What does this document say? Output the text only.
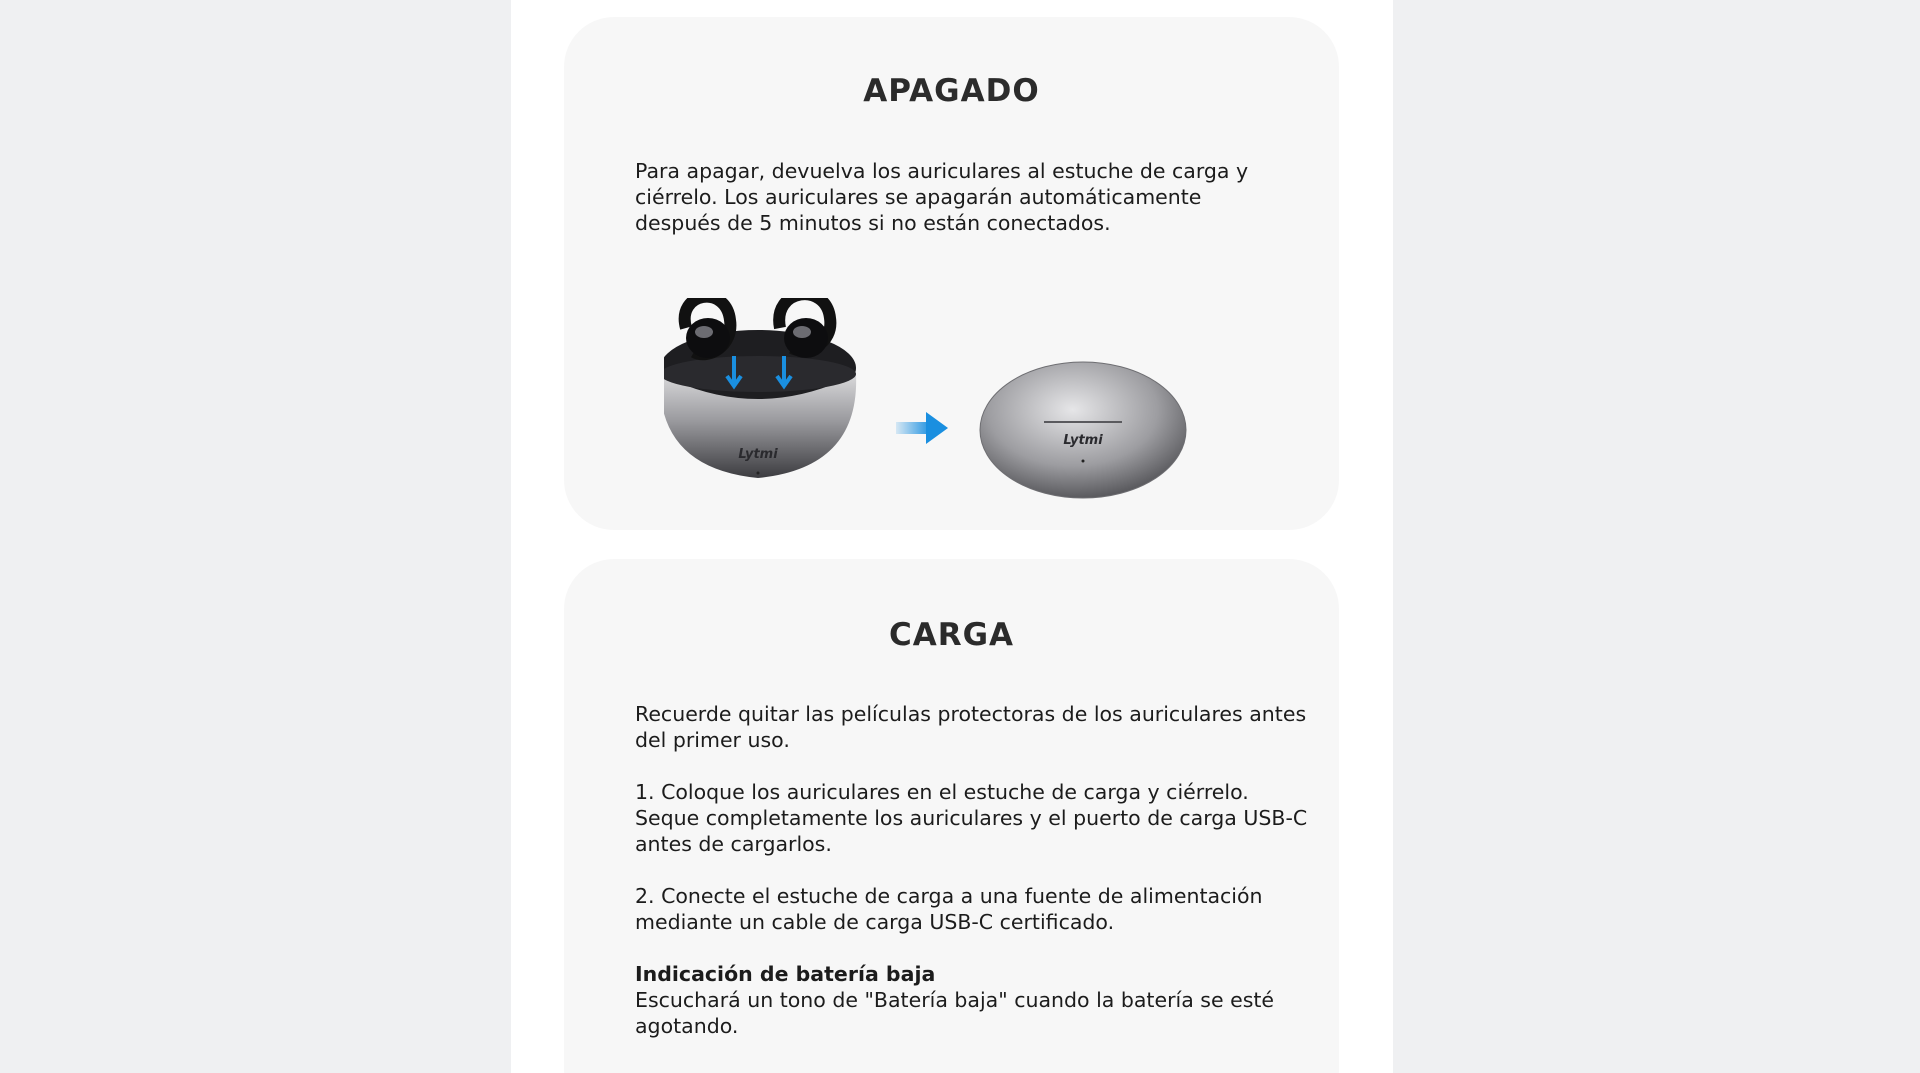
APAGADO

Para apagar, devuelva los auriculares al estuche de carga y ciérrelo. Los auriculares se apagarán automáticamente después de 5 minutos si no están conectados.

Lytmi
Lytmi
CARGA

Recuerde quitar las películas protectoras de los auriculares antes del primer uso.

1. Coloque los auriculares en el estuche de carga y ciérrelo. Seque completamente los auriculares y el puerto de carga USB-C antes de cargarlos.

2. Conecte el estuche de carga a una fuente de alimentación mediante un cable de carga USB-C certificado.

Indicación de batería baja

Escuchará un tono de "Batería baja" cuando la batería se esté agotando.
